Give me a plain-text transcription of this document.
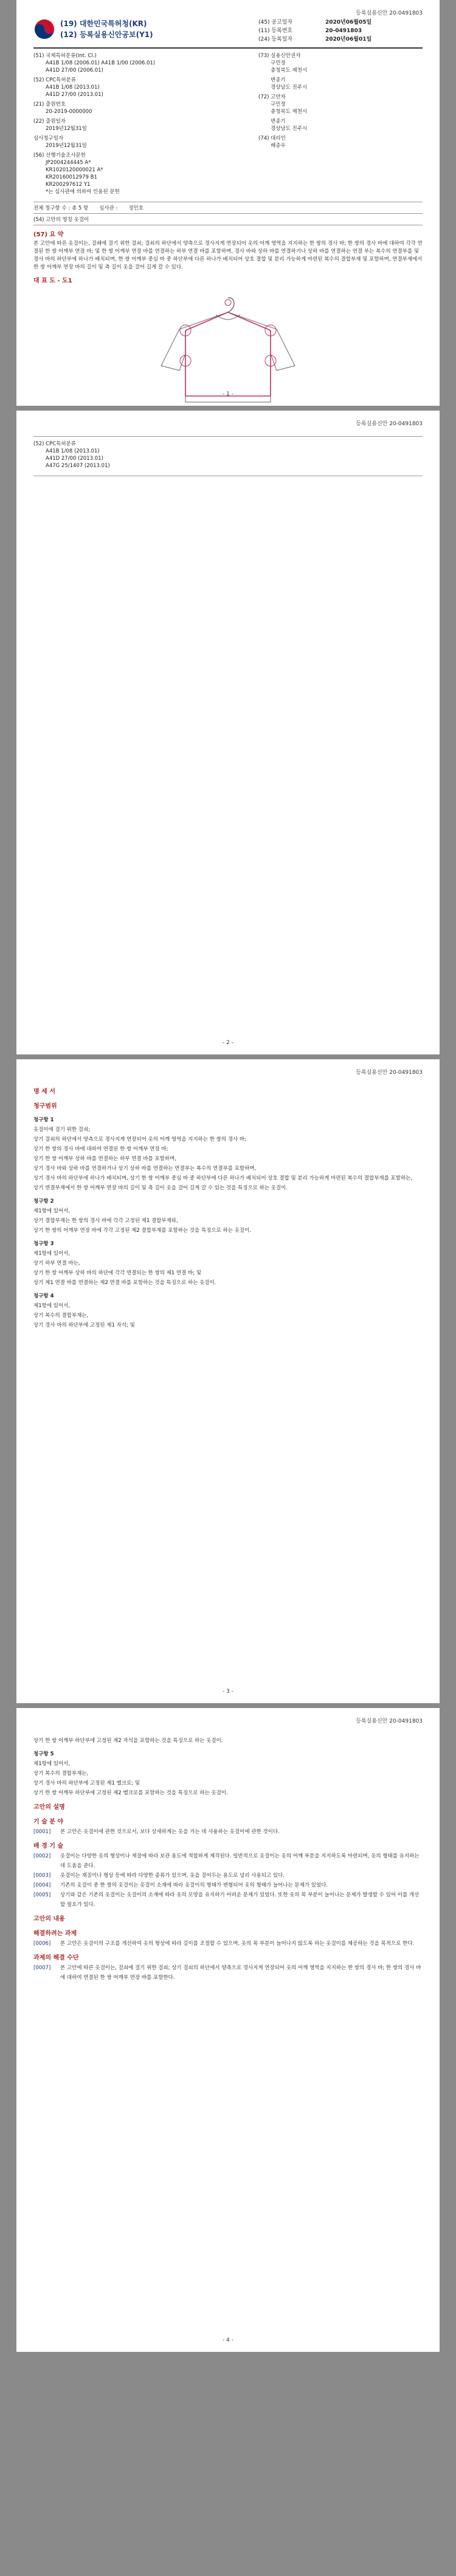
등록실용신안 20-0491803
(19) 대한민국특허청(KR)
(12) 등록실용신안공보(Y1)
(45) 공고일자	2020년06월05일
(11) 등록번호	20-0491803
(24) 등록일자	2020년06월01일
(51) 국제특허분류(Int. Cl.)
A41B 1/08 (2006.01) A41B 1/00 (2006.01)
A41D 27/00 (2006.01)
(52) CPC특허분류
A41B 1/08 (2013.01)
A41D 27/00 (2013.01)
(21) 출원번호
20-2019-0000000
(22) 출원일자
2019년12월31일
심사청구일자
2019년12월31일
(56) 선행기술조사문헌
JP2004244445 A*
KR1020120000021 A*
KR20160012979 B1
KR200297612 Y1
*는 심사관에 의하여 인용된 문헌
(73) 실용신안권자
구민정
충청북도 제천시
변종기
경상남도 진주시
(72) 고안자
구민정
충청북도 제천시
변종기
경상남도 진주시
(74) 대리인
배종우
전체 청구항 수 : 총 5 항 심사관 : 정민호
(54) 고안의 명칭 옷걸이
(57) 요 약
본 고안에 따른 옷걸이는, 걸쇄에 걸기 위한 걸쇠; 걸쇠의 하단에서 양측으로 경사지게 연장되어 옷의 어깨 영역을 지지하는 한 쌍의 경사 바; 한 쌍의 경사 바에 대하여 각각 연결된 한 쌍 어깨부 연장 바; 및 한 쌍 어깨부 연장 바를 연결하는 하부 연결 바를 포함하며, 경사 바와 상하 바를 연결하거나 상하 바를 연결하는 연결 부는 복수의 연결부를 및 경사 바의 하단부에 하나가 배치되며, 한 쌍 어깨부 중심 바 중 하단부에 다른 하나가 배치되어 상호 결합 및 분리 가능하게 마련된 복수의 결합부재 및 포함하며, 연결부재에서 한 쌍 어깨부 연장 바의 길이 및 측 길이 옷을 걸어 길게 갈 수 있다.
대 표 도 - 도1
- 1 -
등록실용신안 20-0491803
(52) CPC특허분류
A41B 1/08 (2013.01)
A41D 27/00 (2013.01)
A47G 25/1407 (2013.01)
- 2 -
등록실용신안 20-0491803
명 세 서
청구범위
청구항 1
옷걸이에 걸기 위한 걸쇠;
상기 걸쇠의 하단에서 양측으로 경사지게 연장되어 옷의 어깨 영역을 지지하는 한 쌍의 경사 바;
상기 한 쌍의 경사 바에 대하여 연결된 한 쌍 어깨부 연장 바;
상기 한 쌍 어깨부 상하 바를 연결하는 하부 연결 바를 포함하며,
상기 경사 바와 상하 바를 연결하거나 상기 상하 바를 연결하는 연결부는 복수의 연결부를 포함하며,
상기 경사 바의 하단부에 하나가 배치되며, 상기 한 쌍 어깨부 중심 바 중 하단부에 다른 하나가 배치되어 상호 결합 및 분리 가능하게 마련된 복수의 결합부재를 포함하는,
상기 연결부재에서 한 쌍 어깨부 연장 바의 길이 및 측 길이 옷을 걸어 길게 갈 수 있는 것을 특징으로 하는 옷걸이.
청구항 2
제1항에 있어서,
상기 결합부재는 한 쌍의 경사 바에 각각 고정된 제1 결합부재와,
상기 한 쌍의 어깨부 연장 바에 각각 고정된 제2 결합부재를 포함하는 것을 특징으로 하는 옷걸이.
청구항 3
제1항에 있어서,
상기 하부 연결 바는,
상기 한 쌍 어깨부 상하 바의 하단에 각각 연결되는 한 쌍의 제1 연결 바; 및
상기 제1 연결 바를 연결하는 제2 연결 바를 포함하는 것을 특징으로 하는 옷걸이.
청구항 4
제1항에 있어서,
상기 복수의 결합부재는,
상기 경사 바의 하단부에 고정된 제1 자석; 및
- 3 -
등록실용신안 20-0491803
상기 한 쌍 어깨부 하단부에 고정된 제2 자석을 포함하는 것을 특징으로 하는 옷걸이.
청구항 5
제1항에 있어서,
상기 복수의 결합부재는,
상기 경사 바의 하단부에 고정된 제1 벨크로; 및
상기 한 쌍 어깨부 하단부에 고정된 제2 벨크로를 포함하는 것을 특징으로 하는 옷걸이.
고안의 설명
기 술 분 야
[0001]	본 고안은 옷걸이에 관한 것으로서, 보다 상세하게는 옷을 거는 데 사용하는 옷걸이에 관한 것이다.
배 경 기 술
[0002]	옷걸이는 다양한 옷의 형상이나 재질에 따라 보관 용도에 적합하게 제작된다. 일반적으로 옷걸이는 옷의 어깨 부분을 지지하도록 마련되며, 옷의 형태를 유지하는 데 도움을 준다.
[0003]	옷걸이는 재질이나 형상 등에 따라 다양한 종류가 있으며, 옷을 걸어두는 용도로 널리 사용되고 있다.
[0004]	기존의 옷걸이 중 한 쌍의 옷걸이는 옷걸이 소재에 따라 옷걸이의 형태가 변형되어 옷의 형태가 늘어나는 문제가 있었다.
[0005]	상기와 같은 기존의 옷걸이는 옷걸이의 소재에 따라 옷의 모양을 유지하기 어려운 문제가 있었다. 또한 옷의 목 부분이 늘어나는 문제가 발생할 수 있어 이를 개선할 필요가 있다.
고안의 내용
해결하려는 과제
[0006]	본 고안은 옷걸이의 구조를 개선하여 옷의 형상에 따라 길이를 조절할 수 있으며, 옷의 목 부분이 늘어나지 않도록 하는 옷걸이를 제공하는 것을 목적으로 한다.
과제의 해결 수단
[0007]	본 고안에 따른 옷걸이는, 걸쇠에 걸기 위한 걸쇠; 상기 걸쇠의 하단에서 양측으로 경사지게 연장되어 옷의 어깨 영역을 지지하는 한 쌍의 경사 바; 한 쌍의 경사 바에 대하여 연결된 한 쌍 어깨부 연장 바를 포함한다.
- 4 -
